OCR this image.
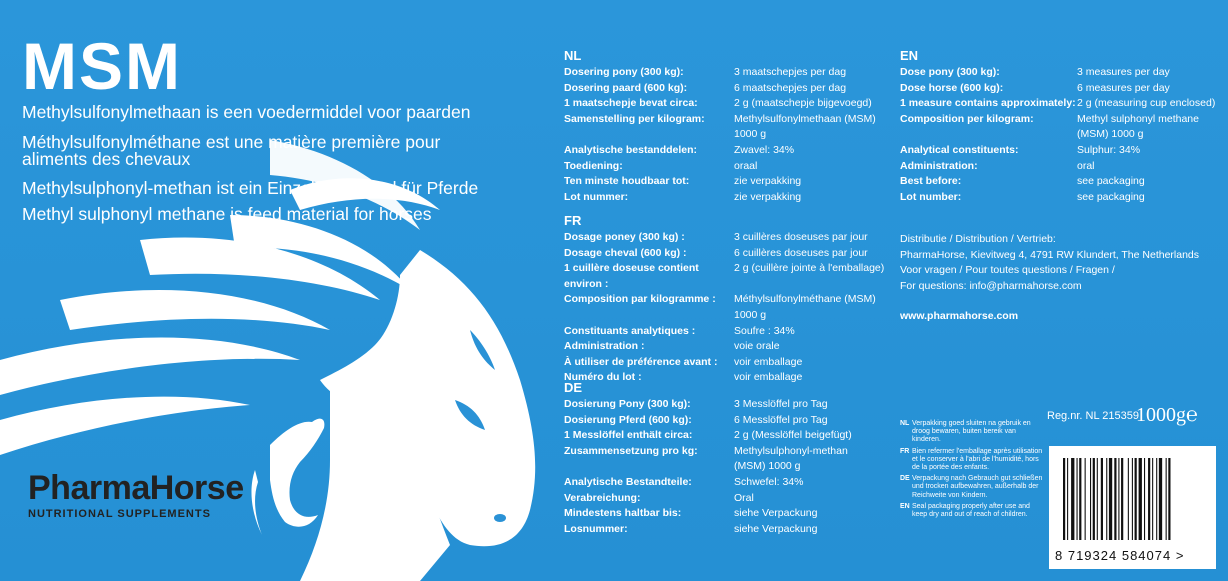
MSM
Methylsulfonylmethaan is een voedermiddel voor paarden
Méthylsulfonylméthane est une matière première pour
aliments des chevaux
Methylsulphonyl-methan ist ein Einzelfuttermittel für Pferde
Methyl sulphonyl methane is feed material for horses
PharmaHorse
NUTRITIONAL SUPPLEMENTS
NL
Dosering pony (300 kg):	3 maatschepjes per dag
Dosering paard (600 kg):	6 maatschepjes per dag
1 maatschepje bevat circa:	2 g (maatschepje bijgevoegd)
Samenstelling per kilogram:	Methylsulfonylmethaan (MSM)
1000 g
Analytische bestanddelen:	Zwavel: 34%
Toediening:	oraal
Ten minste houdbaar tot:	zie verpakking
Lot nummer:	zie verpakking
FR
Dosage poney (300 kg) :	3 cuillères doseuses par jour
Dosage cheval (600 kg) :	6 cuillères doseuses par jour
1 cuillère doseuse contient environ :
2 g (cuillère jointe à l'emballage)
Composition par kilogramme :	Méthylsulfonylméthane (MSM)
1000 g
Constituants analytiques :	Soufre : 34%
Administration :	voie orale
À utiliser de préférence avant :	voir emballage
Numéro du lot :	voir emballage
DE
Dosierung Pony (300 kg):	3 Messlöffel pro Tag
Dosierung Pferd (600 kg):	6 Messlöffel pro Tag
1 Messlöffel enthält circa:	2 g (Messlöffel beigefügt)
Zusammensetzung pro kg:	Methylsulphonyl-methan
(MSM) 1000 g
Analytische Bestandteile:	Schwefel: 34%
Verabreichung:	Oral
Mindestens haltbar bis:	siehe Verpackung
Losnummer:	siehe Verpackung
EN
Dose pony (300 kg):	3 measures per day
Dose horse (600 kg):	6 measures per day
1 measure contains approximately: 2 g (measuring cup enclosed)
Composition per kilogram:	Methyl sulphonyl methane
(MSM) 1000 g
Analytical constituents:	Sulphur: 34%
Administration:	oral
Best before:	see packaging
Lot number:	see packaging
Distributie / Distribution / Vertrieb:
PharmaHorse, Kievitweg 4, 4791 RW Klundert, The Netherlands
Voor vragen / Pour toutes questions / Fragen /
For questions: info@pharmahorse.com
www.pharmahorse.com
NL Verpakking goed sluiten na gebruik en droog bewaren, buiten bereik van kinderen.
FR Bien refermer l'emballage après utilisation et le conserver à l'abri de l'humidité, hors de la portée des enfants.
DE Verpackung nach Gebrauch gut schließen und trocken aufbewahren, außerhalb der Reichweite von Kindern.
EN Seal packaging properly after use and keep dry and out of reach of children.
Reg.nr. NL 215359
1000g℮
8 719324 584074 >
